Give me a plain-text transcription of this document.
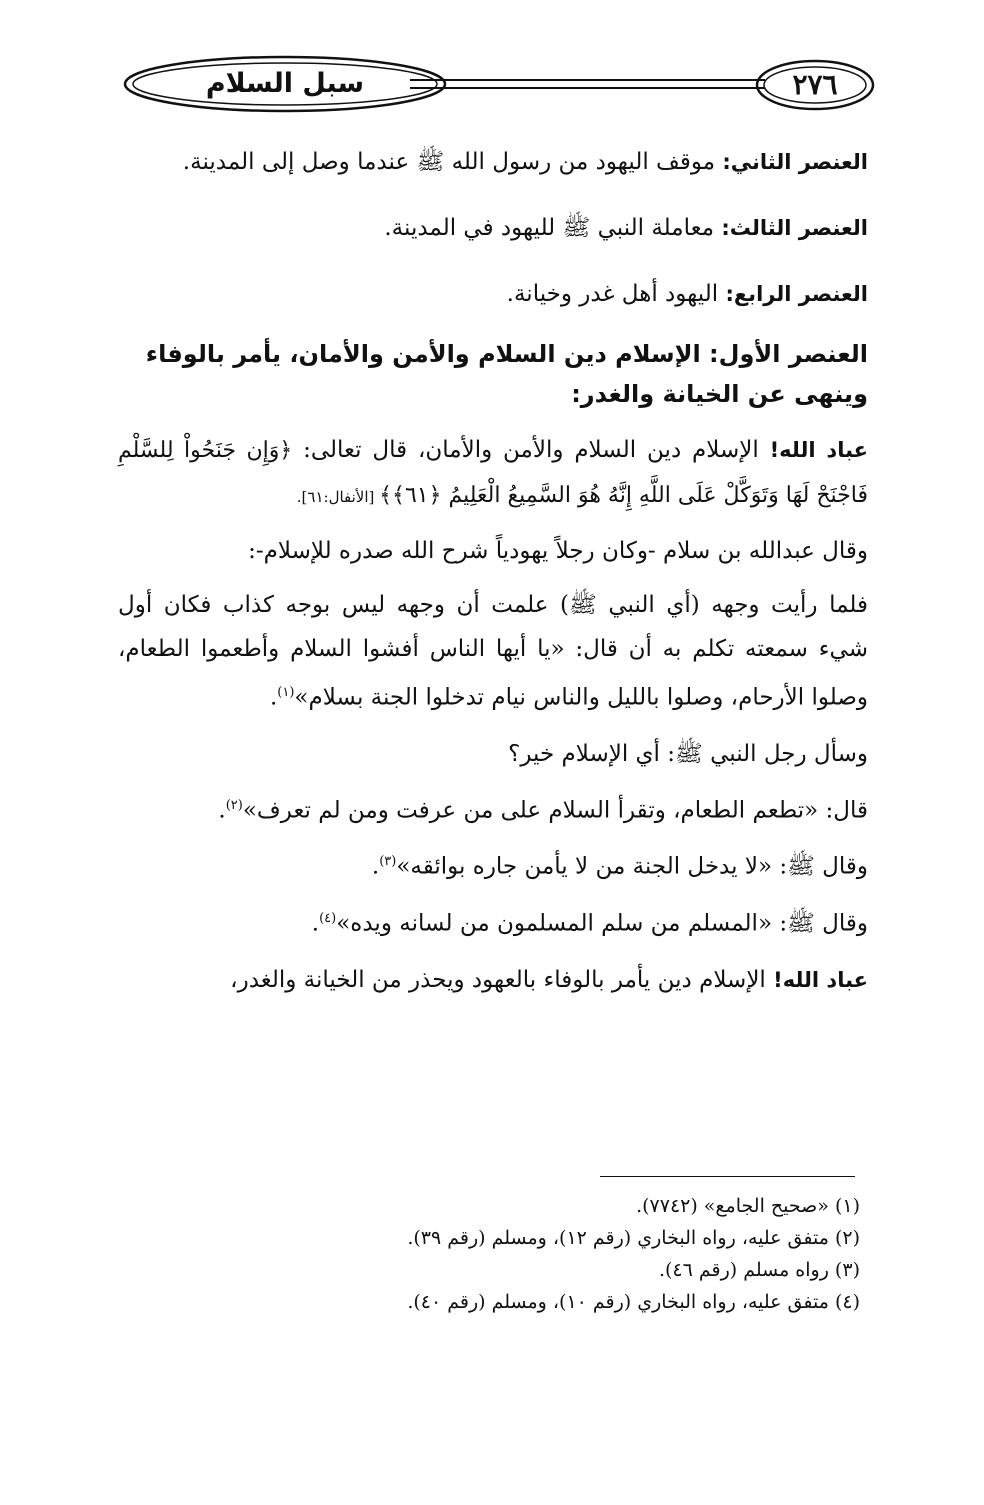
سبل السلام	٢٧٦

العنصر الثاني: موقف اليهود من رسول الله ﷺ عندما وصل إلى المدينة.

العنصر الثالث: معاملة النبي ﷺ لليهود في المدينة.

العنصر الرابع: اليهود أهل غدر وخيانة.

العنصر الأول: الإسلام دين السلام والأمن والأمان، يأمر بالوفاء وينهى عن الخيانة والغدر:

عباد الله! الإسلام دين السلام والأمن والأمان، قال تعالى: ﴿وَإِن جَنَحُواْ لِلسَّلْمِ فَاجْنَحْ لَهَا وَتَوَكَّلْ عَلَى اللَّهِ إِنَّهُ هُوَ السَّمِيعُ الْعَلِيمُ ﴿٦١﴾﴾ [الأنفال:٦١].

وقال عبدالله بن سلام -وكان رجلاً يهودياً شرح الله صدره للإسلام-:

فلما رأيت وجهه (أي النبي ﷺ) علمت أن وجهه ليس بوجه كذاب فكان أول شيء سمعته تكلم به أن قال: «يا أيها الناس أفشوا السلام وأطعموا الطعام، وصلوا الأرحام، وصلوا بالليل والناس نيام تدخلوا الجنة بسلام»$^{(١)}$.

وسأل رجل النبي ﷺ: أي الإسلام خير؟

قال: «تطعم الطعام، وتقرأ السلام على من عرفت ومن لم تعرف»$^{(٢)}$.

وقال ﷺ: «لا يدخل الجنة من لا يأمن جاره بوائقه»$^{(٣)}$.

وقال ﷺ: «المسلم من سلم المسلمون من لسانه ويده»$^{(٤)}$.

عباد الله! الإسلام دين يأمر بالوفاء بالعهود ويحذر من الخيانة والغدر،

(١) «صحيح الجامع» (٧٧٤٢).

(٢) متفق عليه، رواه البخاري (رقم ١٢)، ومسلم (رقم ٣٩).

(٣) رواه مسلم (رقم ٤٦).

(٤) متفق عليه، رواه البخاري (رقم ١٠)، ومسلم (رقم ٤٠).
